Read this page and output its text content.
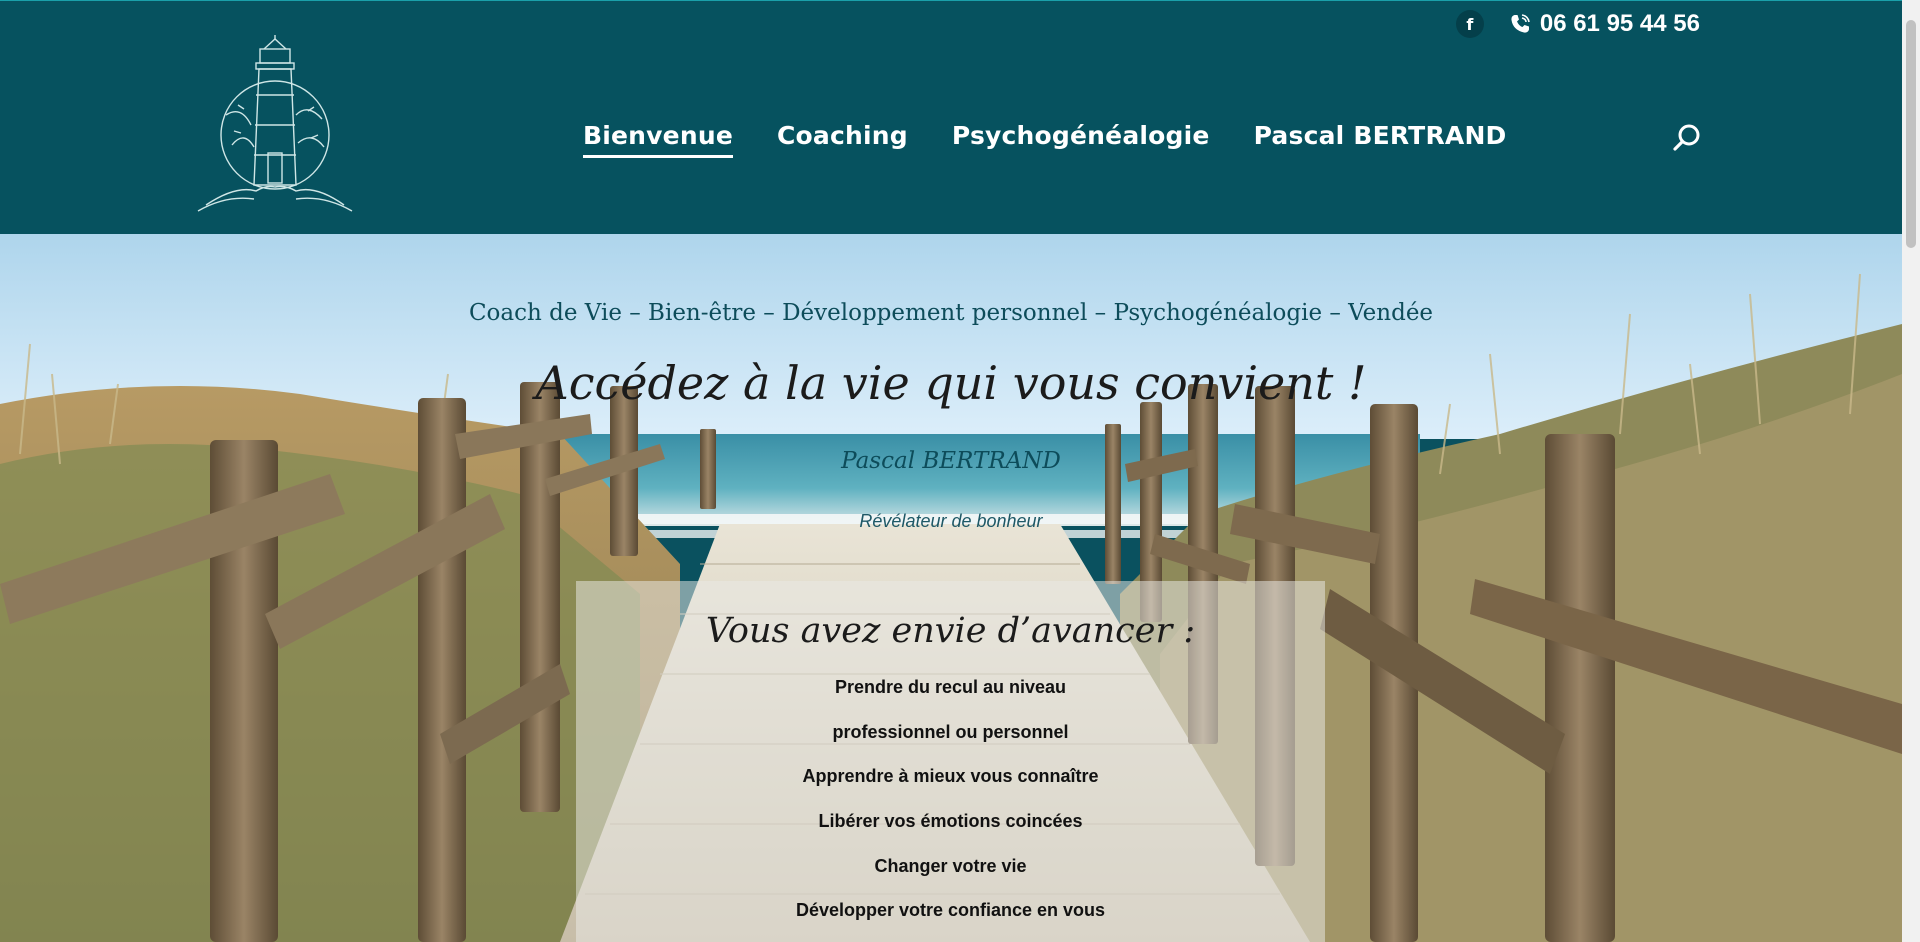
f	06 61 95 44 56
Bienvenue Coaching Psychogénéalogie Pascal BERTRAND
Coach de Vie – Bien-être – Développement personnel – Psychogénéalogie – Vendée
Accédez à la vie qui vous convient !
Pascal BERTRAND
Révélateur de bonheur
Vous avez envie d’avancer :
Prendre du recul au niveau
professionnel ou personnel
Apprendre à mieux vous connaître
Libérer vos émotions coincées
Changer votre vie
Développer votre confiance en vous
